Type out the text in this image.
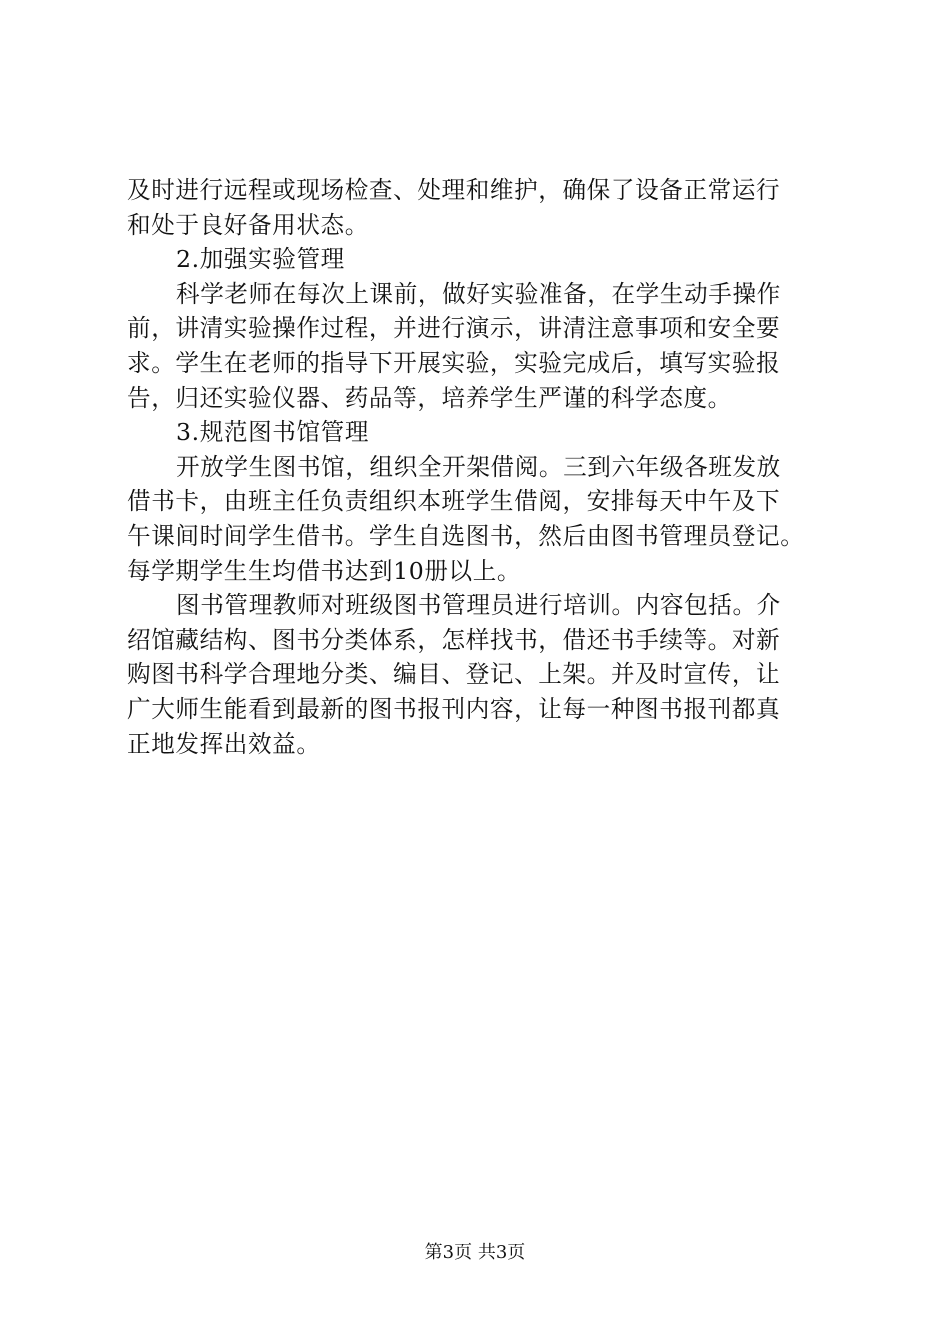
及时进行远程或现场检查、处理和维护，确保了设备正常运行
和处于良好备用状态。
2.加强实验管理
科学老师在每次上课前，做好实验准备，在学生动手操作
前，讲清实验操作过程，并进行演示，讲清注意事项和安全要
求。学生在老师的指导下开展实验，实验完成后，填写实验报
告，归还实验仪器、药品等，培养学生严谨的科学态度。
3.规范图书馆管理
开放学生图书馆，组织全开架借阅。三到六年级各班发放
借书卡，由班主任负责组织本班学生借阅，安排每天中午及下
午课间时间学生借书。学生自选图书，然后由图书管理员登记。
每学期学生生均借书达到10册以上。
图书管理教师对班级图书管理员进行培训。内容包括。介
绍馆藏结构、图书分类体系，怎样找书，借还书手续等。对新
购图书科学合理地分类、编目、登记、上架。并及时宣传，让
广大师生能看到最新的图书报刊内容，让每一种图书报刊都真
正地发挥出效益。
第3页 共3页
